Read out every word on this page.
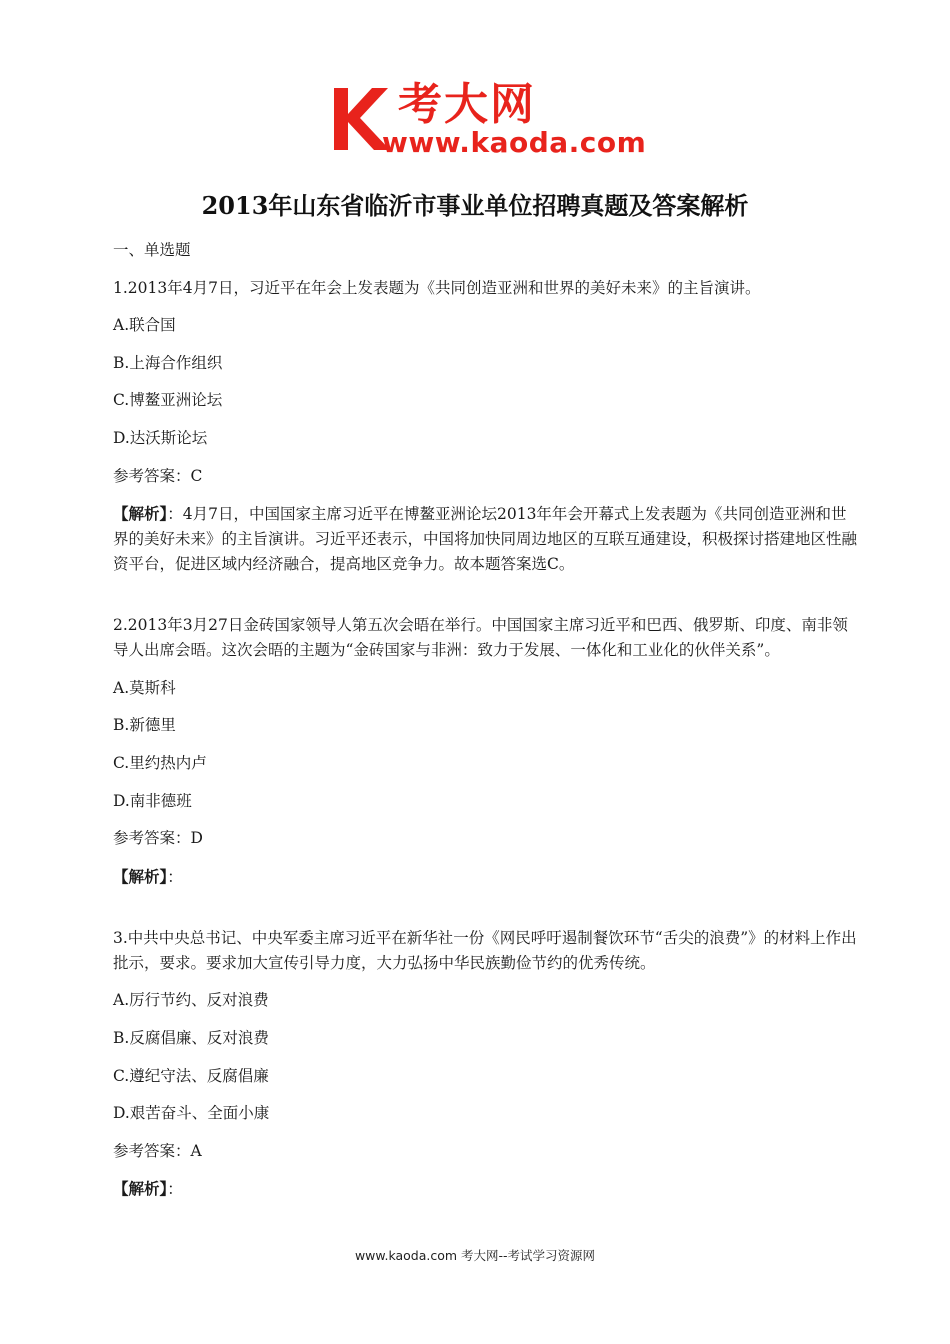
考大网
www.kaoda.com
2013年山东省临沂市事业单位招聘真题及答案解析

一、单选题

1.2013年4月7日，习近平在年会上发表题为《共同创造亚洲和世界的美好未来》的主旨演讲。

A.联合国

B.上海合作组织

C.博鳌亚洲论坛

D.达沃斯论坛

参考答案：C

【解析】：4月7日，中国国家主席习近平在博鳌亚洲论坛2013年年会开幕式上发表题为《共同创造亚洲和世界的美好未来》的主旨演讲。习近平还表示，中国将加快同周边地区的互联互通建设，积极探讨搭建地区性融资平台，促进区域内经济融合，提高地区竞争力。故本题答案选C。

2.2013年3月27日金砖国家领导人第五次会晤在举行。中国国家主席习近平和巴西、俄罗斯、印度、南非领导人出席会晤。这次会晤的主题为“金砖国家与非洲：致力于发展、一体化和工业化的伙伴关系”。

A.莫斯科

B.新德里

C.里约热内卢

D.南非德班

参考答案：D

【解析】：

3.中共中央总书记、中央军委主席习近平在新华社一份《网民呼吁遏制餐饮环节“舌尖的浪费”》的材料上作出批示，要求。要求加大宣传引导力度，大力弘扬中华民族勤俭节约的优秀传统。

A.厉行节约、反对浪费

B.反腐倡廉、反对浪费

C.遵纪守法、反腐倡廉

D.艰苦奋斗、全面小康

参考答案：A

【解析】：

www.kaoda.com 考大网--考试学习资源网
